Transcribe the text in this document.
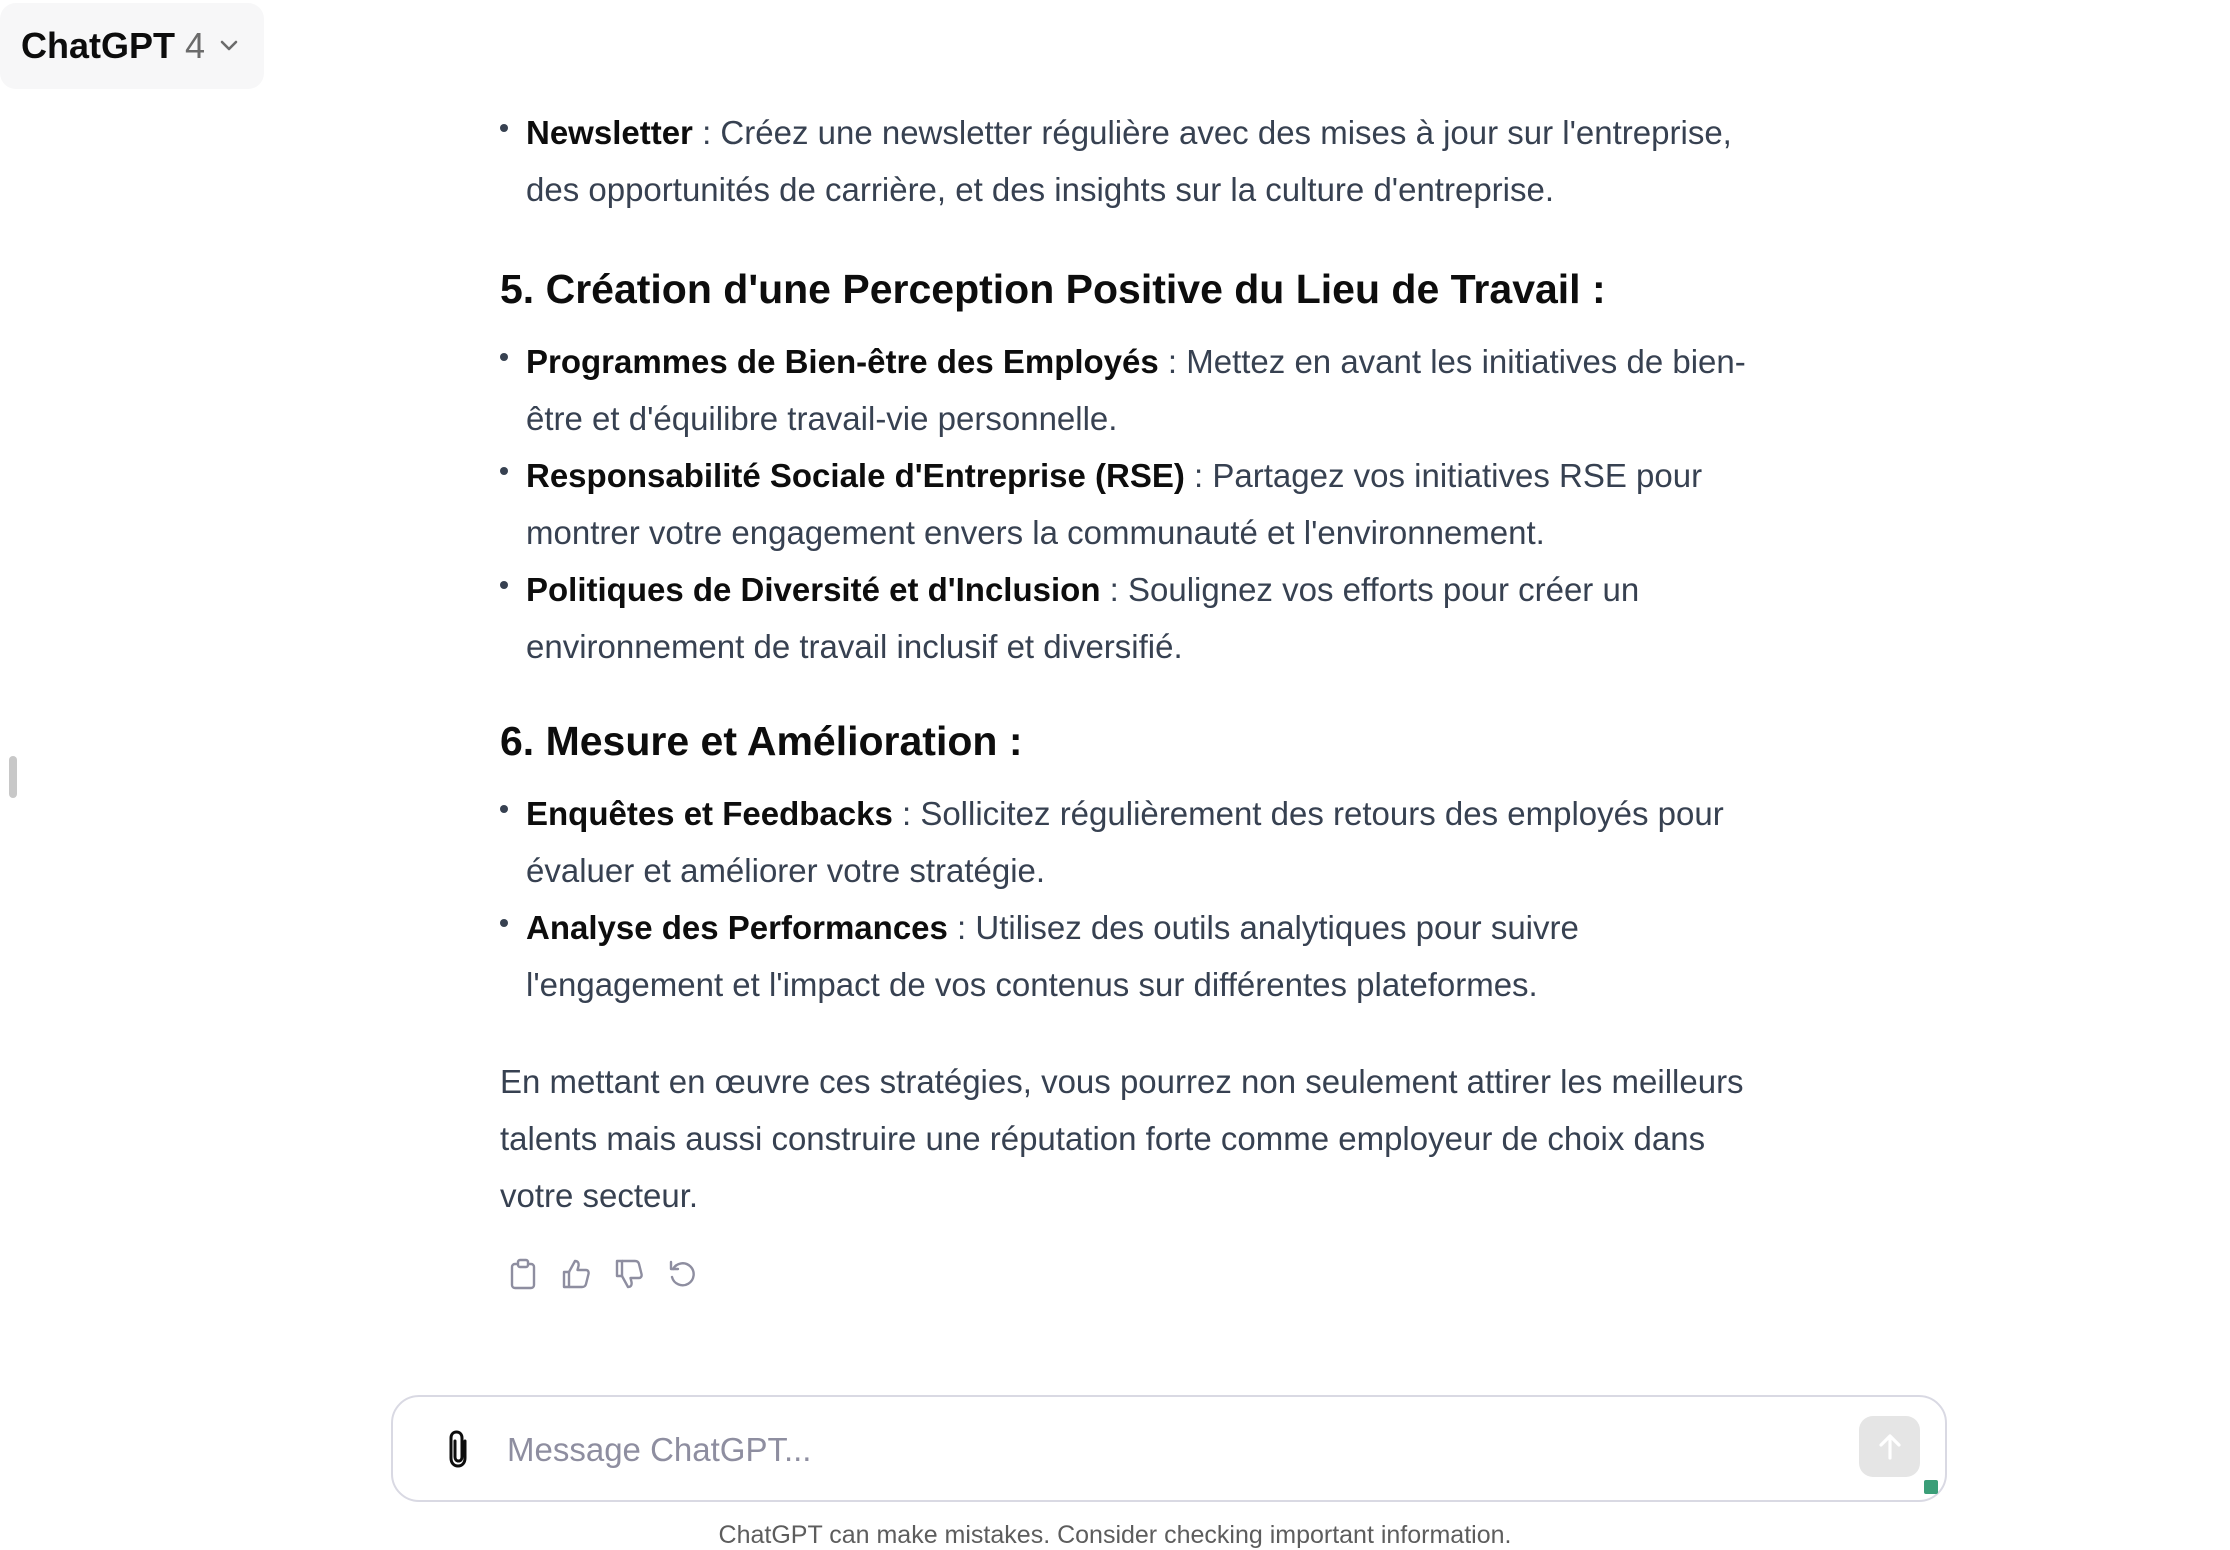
ChatGPT 4
Newsletter : Créez une newsletter régulière avec des mises à jour sur l'entreprise, des opportunités de carrière, et des insights sur la culture d'entreprise.
5. Création d'une Perception Positive du Lieu de Travail :
Programmes de Bien-être des Employés : Mettez en avant les initiatives de bien-être et d'équilibre travail-vie personnelle.
Responsabilité Sociale d'Entreprise (RSE) : Partagez vos initiatives RSE pour montrer votre engagement envers la communauté et l'environnement.
Politiques de Diversité et d'Inclusion : Soulignez vos efforts pour créer un environnement de travail inclusif et diversifié.
6. Mesure et Amélioration :
Enquêtes et Feedbacks : Sollicitez régulièrement des retours des employés pour évaluer et améliorer votre stratégie.
Analyse des Performances : Utilisez des outils analytiques pour suivre l'engagement et l'impact de vos contenus sur différentes plateformes.

En mettant en œuvre ces stratégies, vous pourrez non seulement attirer les meilleurs talents mais aussi construire une réputation forte comme employeur de choix dans votre secteur.

Message ChatGPT...
ChatGPT can make mistakes. Consider checking important information.
